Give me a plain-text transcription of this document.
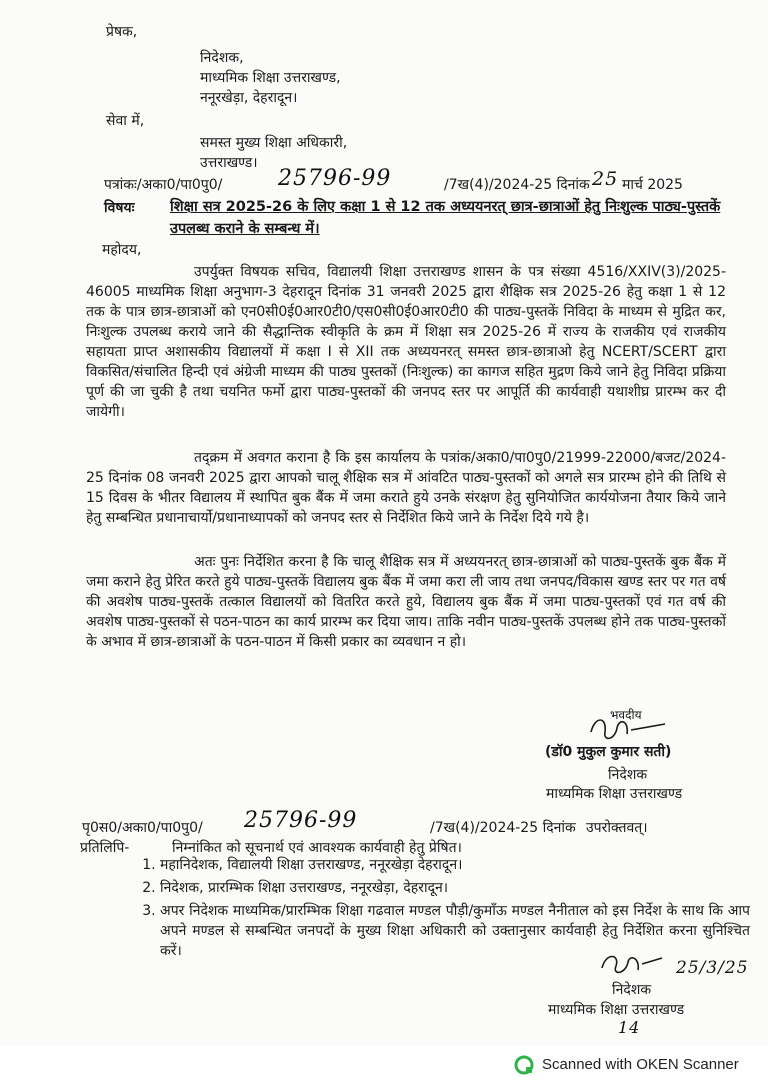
प्रेषक,
निदेशक,
माध्यमिक शिक्षा उत्तराखण्ड,
ननूरखेड़ा, देहरादून।
सेवा में,
समस्त मुख्य शिक्षा अधिकारी,
उत्तराखण्ड।
पत्रांकः/अका0/पा0पु0/	25796-99	/7ख(4)/2024-25 दिनांक 25 मार्च 2025
विषयः शिक्षा सत्र 2025-26 के लिए कक्षा 1 से 12 तक अध्ययनरत् छात्र-छात्राओं हेतु निःशुल्क पाठ्य-पुस्तकें उपलब्ध कराने के सम्बन्ध में।
महोदय,
उपर्युक्त विषयक सचिव, विद्यालयी शिक्षा उत्तराखण्ड शासन के पत्र संख्या 4516/XXIV(3)/2025-46005 माध्यमिक शिक्षा अनुभाग-3 देहरादून दिनांक 31 जनवरी 2025 द्वारा शैक्षिक सत्र 2025-26 हेतु कक्षा 1 से 12 तक के पात्र छात्र-छात्राओं को एन0सी0ई0आर0टी0/एस0सी0ई0आर0टी0 की पाठ्य-पुस्तकें निविदा के माध्यम से मुद्रित कर, निःशुल्क उपलब्ध कराये जाने की सैद्धान्तिक स्वीकृति के क्रम में शिक्षा सत्र 2025-26 में राज्य के राजकीय एवं राजकीय सहायता प्राप्त अशासकीय विद्यालयों में कक्षा I से XII तक अध्ययनरत् समस्त छात्र-छात्राओ हेतु NCERT/SCERT द्वारा विकसित/संचालित हिन्दी एवं अंग्रेजी माध्यम की पाठ्य पुस्तकों (निःशुल्क) का कागज सहित मुद्रण किये जाने हेतु निविदा प्रक्रिया पूर्ण की जा चुकी है तथा चयनित फर्मो द्वारा पाठ्य-पुस्तकों की जनपद स्तर पर आपूर्ति की कार्यवाही यथाशीघ्र प्रारम्भ कर दी जायेगी।
तद्क्रम में अवगत कराना है कि इस कार्यालय के पत्रांक/अका0/पा0पु0/21999-22000/बजट/2024-25 दिनांक 08 जनवरी 2025 द्वारा आपको चालू शैक्षिक सत्र में आंवटित पाठ्य-पुस्तकों को अगले सत्र प्रारम्भ होने की तिथि से 15 दिवस के भीतर विद्यालय में स्थापित बुक बैंक में जमा कराते हुये उनके संरक्षण हेतु सुनियोजित कार्ययोजना तैयार किये जाने हेतु सम्बन्धित प्रधानाचार्यो/प्रधानाध्यापकों को जनपद स्तर से निर्देशित किये जाने के निर्देश दिये गये है।
अतः पुनः निर्देशित करना है कि चालू शैक्षिक सत्र में अध्ययनरत् छात्र-छात्राओं को पाठ्य-पुस्तकें बुक बैंक में जमा कराने हेतु प्रेरित करते हुये पाठ्य-पुस्तकें विद्यालय बुक बैंक में जमा करा ली जाय तथा जनपद/विकास खण्ड स्तर पर गत वर्ष की अवशेष पाठ्य-पुस्तकें तत्काल विद्यालयों को वितरित करते हुये, विद्यालय बुक बैंक में जमा पाठ्य-पुस्तकों एवं गत वर्ष की अवशेष पाठ्य-पुस्तकों से पठन-पाठन का कार्य प्रारम्भ कर दिया जाय। ताकि नवीन पाठ्य-पुस्तकें उपलब्ध होने तक पाठ्य-पुस्तकों के अभाव में छात्र-छात्राओं के पठन-पाठन में किसी प्रकार का व्यवधान न हो।
भवदीय
(डॉ0 मुकुल कुमार सती)
निदेशक
माध्यमिक शिक्षा उत्तराखण्ड
पृ0स0/अका0/पा0पु0/ 25796-99	/7ख(4)/2024-25 दिनांक उपरोक्तवत्।
प्रतिलिपि-	निम्नांकित को सूचनार्थ एवं आवश्यक कार्यवाही हेतु प्रेषित।
1. महानिदेशक, विद्यालयी शिक्षा उत्तराखण्ड, ननूरखेड़ा देहरादून।
2. निदेशक, प्रारम्भिक शिक्षा उत्तराखण्ड, ननूरखेड़ा, देहरादून।
3. अपर निदेशक माध्यमिक/प्रारम्भिक शिक्षा गढवाल मण्डल पौड़ी/कुमाँऊ मण्डल नैनीताल को इस निर्देश के साथ कि आप अपने मण्डल से सम्बन्धित जनपदों के मुख्य शिक्षा अधिकारी को उक्तानुसार कार्यवाही हेतु निर्देशित करना सुनिश्चित करें।
25/3/25
निदेशक
माध्यमिक शिक्षा उत्तराखण्ड
14
Scanned with OKEN Scanner
